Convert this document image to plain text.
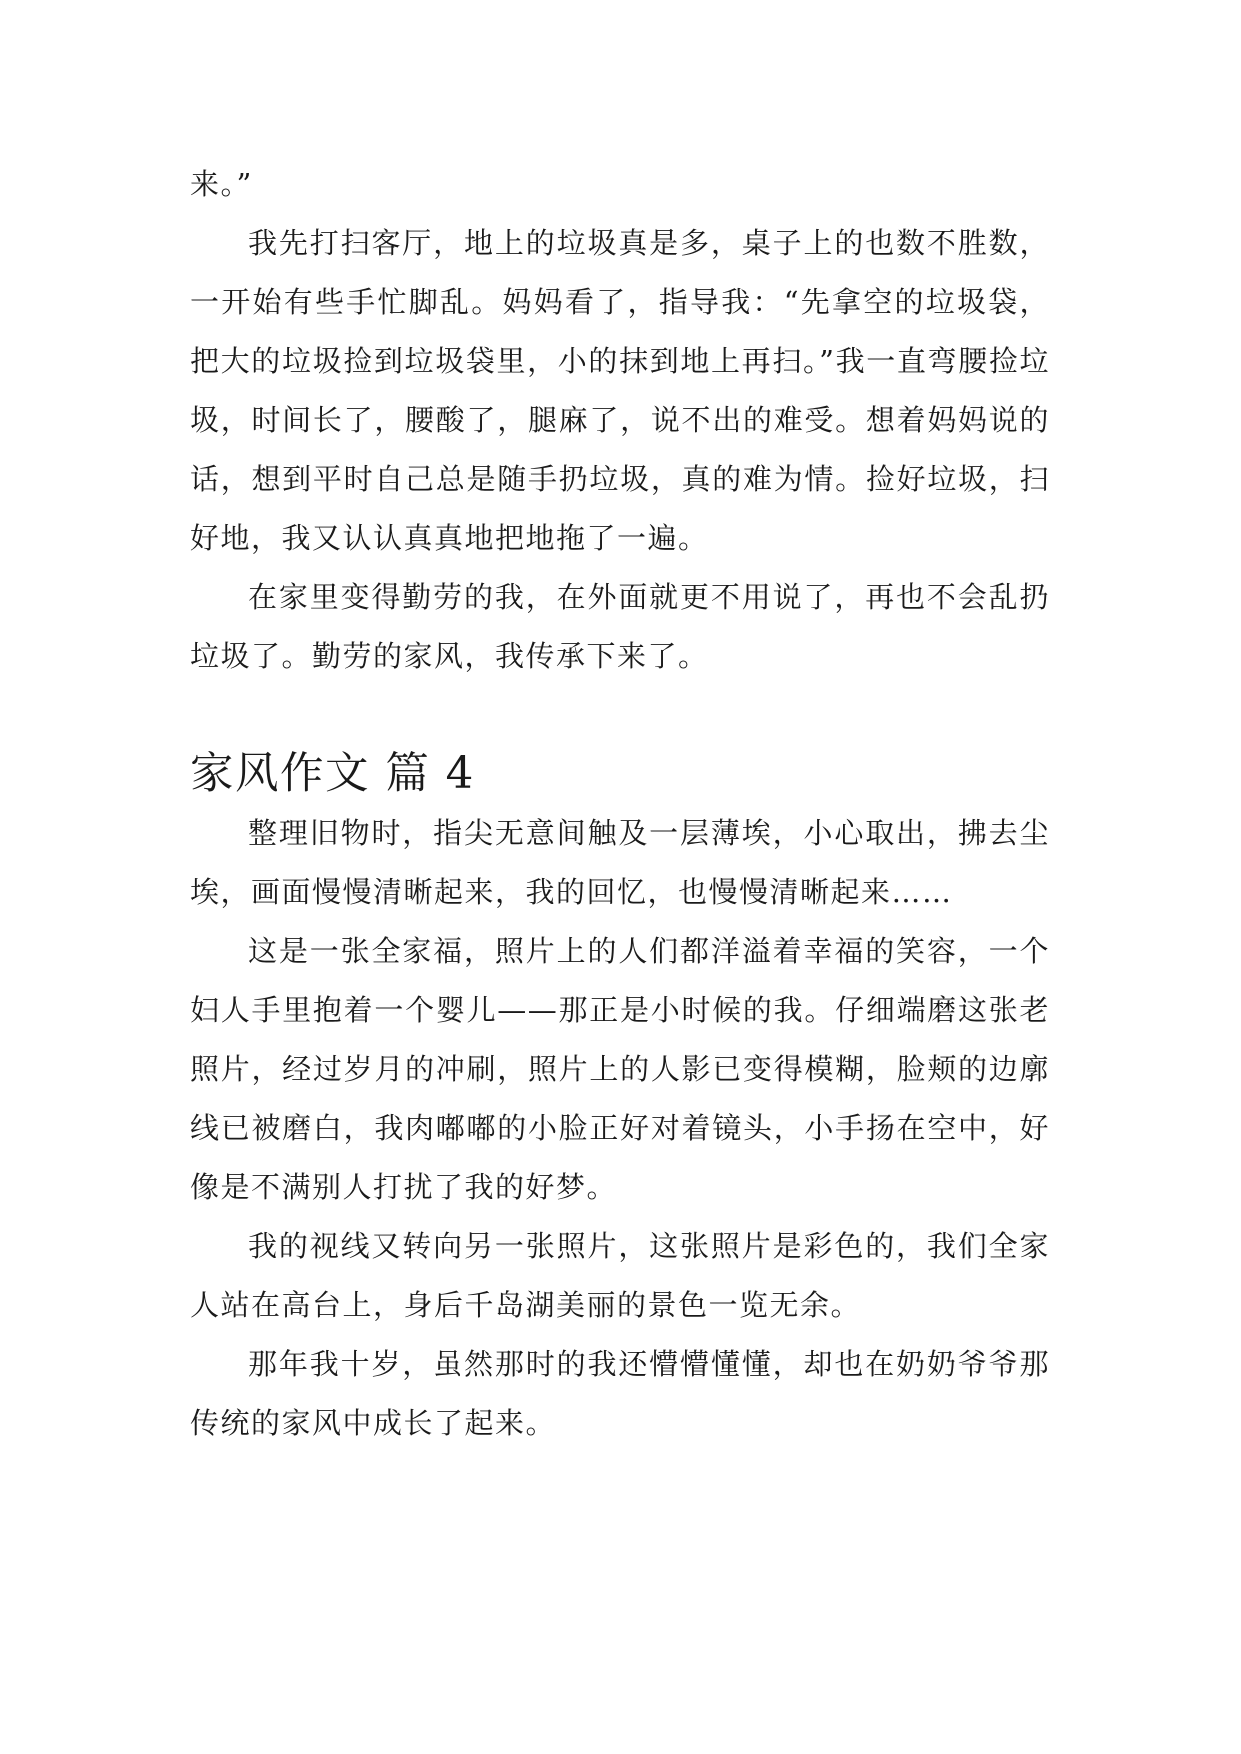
来。”

我先打扫客厅，地上的垃圾真是多，桌子上的也数不胜数，一开始有些手忙脚乱。妈妈看了，指导我：“先拿空的垃圾袋，把大的垃圾捡到垃圾袋里，小的抹到地上再扫。”我一直弯腰捡垃圾，时间长了，腰酸了，腿麻了，说不出的难受。想着妈妈说的话，想到平时自己总是随手扔垃圾，真的难为情。捡好垃圾，扫好地，我又认认真真地把地拖了一遍。

在家里变得勤劳的我，在外面就更不用说了，再也不会乱扔垃圾了。勤劳的家风，我传承下来了。

家风作文 篇 4

整理旧物时，指尖无意间触及一层薄埃，小心取出，拂去尘埃，画面慢慢清晰起来，我的回忆，也慢慢清晰起来……

这是一张全家福，照片上的人们都洋溢着幸福的笑容，一个妇人手里抱着一个婴儿——那正是小时候的我。仔细端磨这张老照片，经过岁月的冲刷，照片上的人影已变得模糊，脸颊的边廓线已被磨白，我肉嘟嘟的小脸正好对着镜头，小手扬在空中，好像是不满别人打扰了我的好梦。

我的视线又转向另一张照片，这张照片是彩色的，我们全家人站在高台上，身后千岛湖美丽的景色一览无余。

那年我十岁，虽然那时的我还懵懵懂懂，却也在奶奶爷爷那传统的家风中成长了起来。
